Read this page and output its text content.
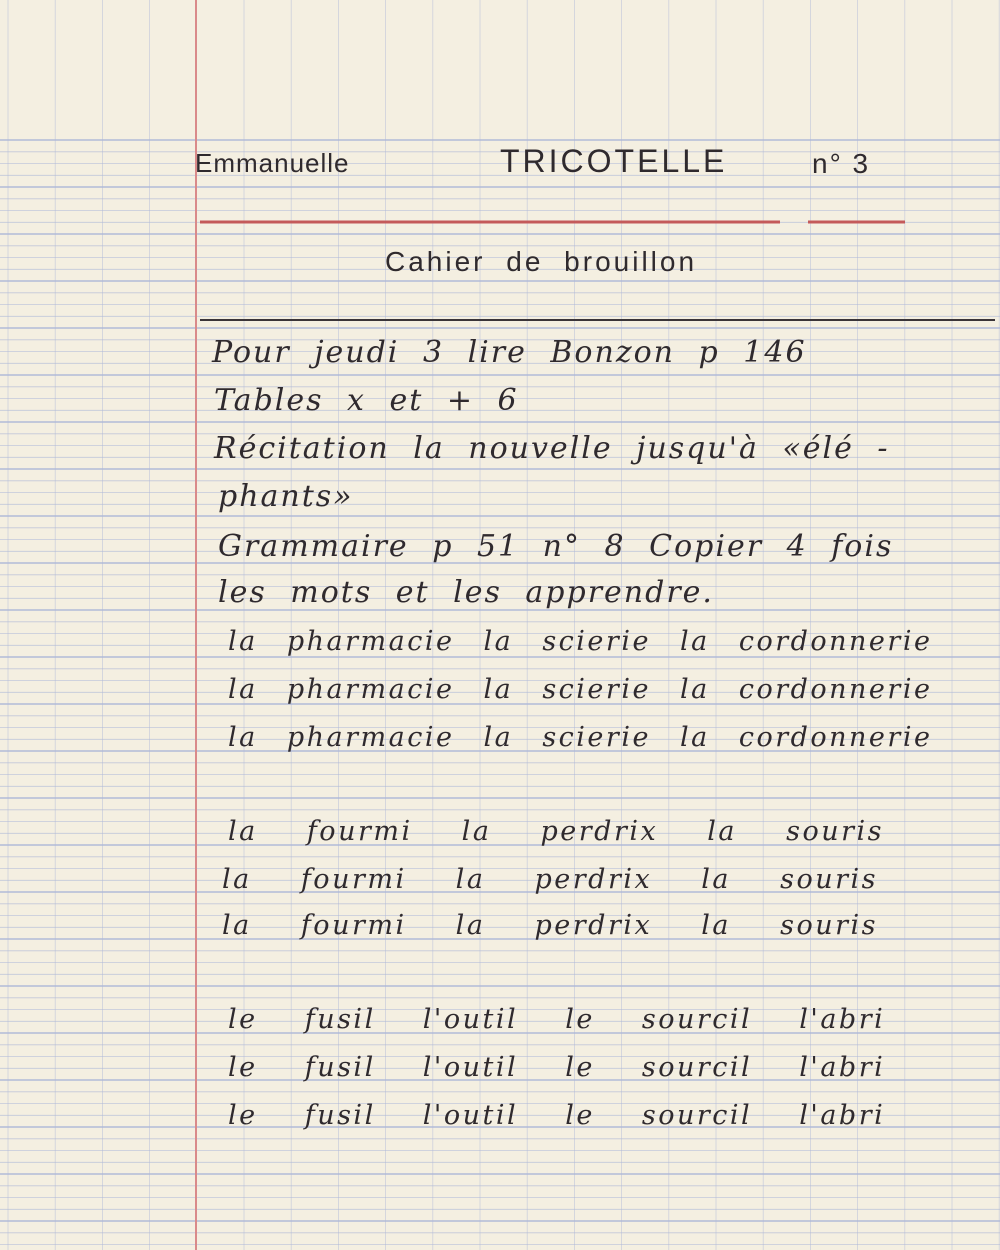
Emmanuelle	TRICOTELLE	n° 3
Cahier de brouillon
Pour jeudi 3 lire Bonzon p 146
Tables x et + 6
Récitation la nouvelle jusqu'à «élé -
phants»
Grammaire p 51 n° 8 Copier 4 fois
les mots et les apprendre.
la pharmacie la scierie la cordonnerie
la pharmacie la scierie la cordonnerie
la pharmacie la scierie la cordonnerie
la fourmi la perdrix la souris
la fourmi la perdrix la souris
la fourmi la perdrix la souris
le fusil l'outil le sourcil l'abri
le fusil l'outil le sourcil l'abri
le fusil l'outil le sourcil l'abri
